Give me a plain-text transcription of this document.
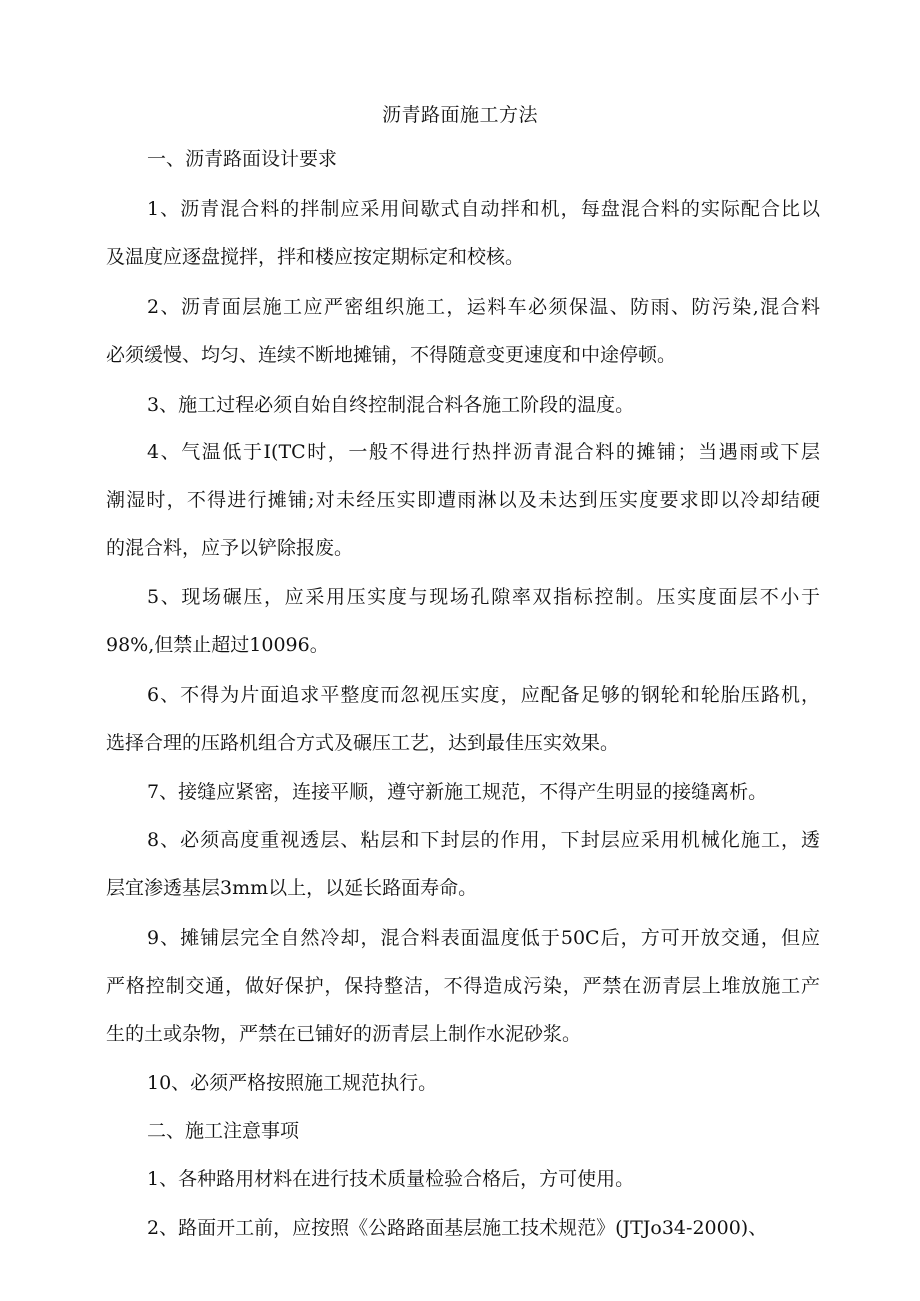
沥青路面施工方法
一、沥青路面设计要求
1、沥青混合料的拌制应采用间歇式自动拌和机，每盘混合料的实际配合比以
及温度应逐盘搅拌，拌和楼应按定期标定和校核。
2、沥青面层施工应严密组织施工，运料车必须保温、防雨、防污染,混合料
必须缓慢、均匀、连续不断地摊铺，不得随意变更速度和中途停顿。
3、施工过程必须自始自终控制混合料各施工阶段的温度。
4、气温低于I(TC时，一般不得进行热拌沥青混合料的摊铺；当遇雨或下层
潮湿时，不得进行摊铺;对未经压实即遭雨淋以及未达到压实度要求即以冷却结硬
的混合料，应予以铲除报废。
5、现场碾压，应采用压实度与现场孔隙率双指标控制。压实度面层不小于
98%,但禁止超过10096。
6、不得为片面追求平整度而忽视压实度，应配备足够的钢轮和轮胎压路机，
选择合理的压路机组合方式及碾压工艺，达到最佳压实效果。
7、接缝应紧密，连接平顺，遵守新施工规范，不得产生明显的接缝离析。
8、必须高度重视透层、粘层和下封层的作用，下封层应采用机械化施工，透
层宜渗透基层3mm以上，以延长路面寿命。
9、摊铺层完全自然冷却，混合料表面温度低于50C后，方可开放交通，但应
严格控制交通，做好保护，保持整洁，不得造成污染，严禁在沥青层上堆放施工产
生的土或杂物，严禁在已铺好的沥青层上制作水泥砂浆。
10、必须严格按照施工规范执行。
二、施工注意事项
1、各种路用材料在进行技术质量检验合格后，方可使用。
2、路面开工前，应按照《公路路面基层施工技术规范》(JTJo34-2000)、
